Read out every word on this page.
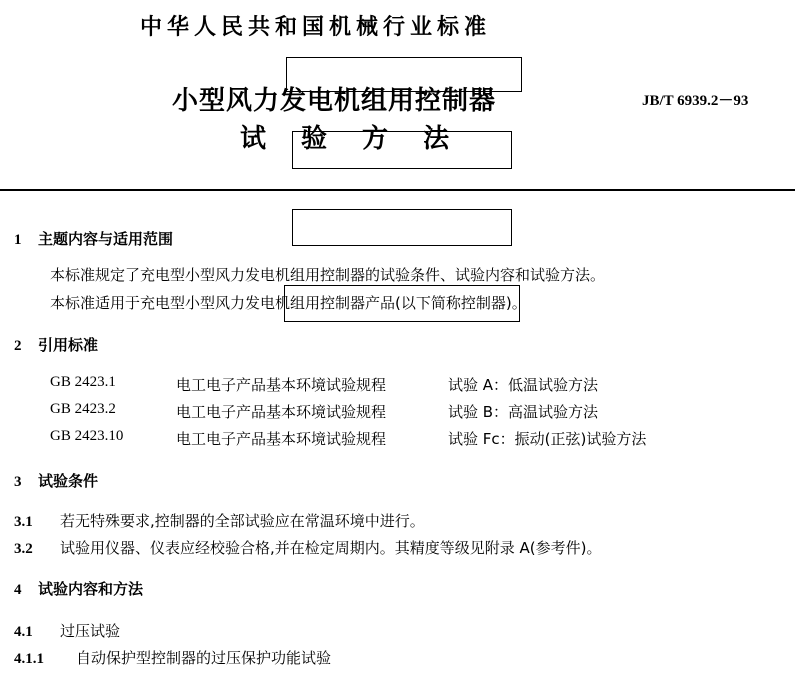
中华人民共和国机械行业标准
小型风力发电机组用控制器
试 验 方 法
JB/T 6939.2－93
1 主题内容与适用范围
本标准规定了充电型小型风力发电机组用控制器的试验条件、试验内容和试验方法。
本标准适用于充电型小型风力发电机组用控制器产品(以下简称控制器)。
2 引用标准
GB 2423.1	电工电子产品基本环境试验规程	试验 A：低温试验方法
GB 2423.2	电工电子产品基本环境试验规程	试验 B：高温试验方法
GB 2423.10	电工电子产品基本环境试验规程	试验 Fc：振动(正弦)试验方法
3 试验条件
3.1 若无特殊要求,控制器的全部试验应在常温环境中进行。
3.2 试验用仪器、仪表应经校验合格,并在检定周期内。其精度等级见附录 A(参考件)。
4 试验内容和方法
4.1 过压试验
4.1.1 自动保护型控制器的过压保护功能试验
